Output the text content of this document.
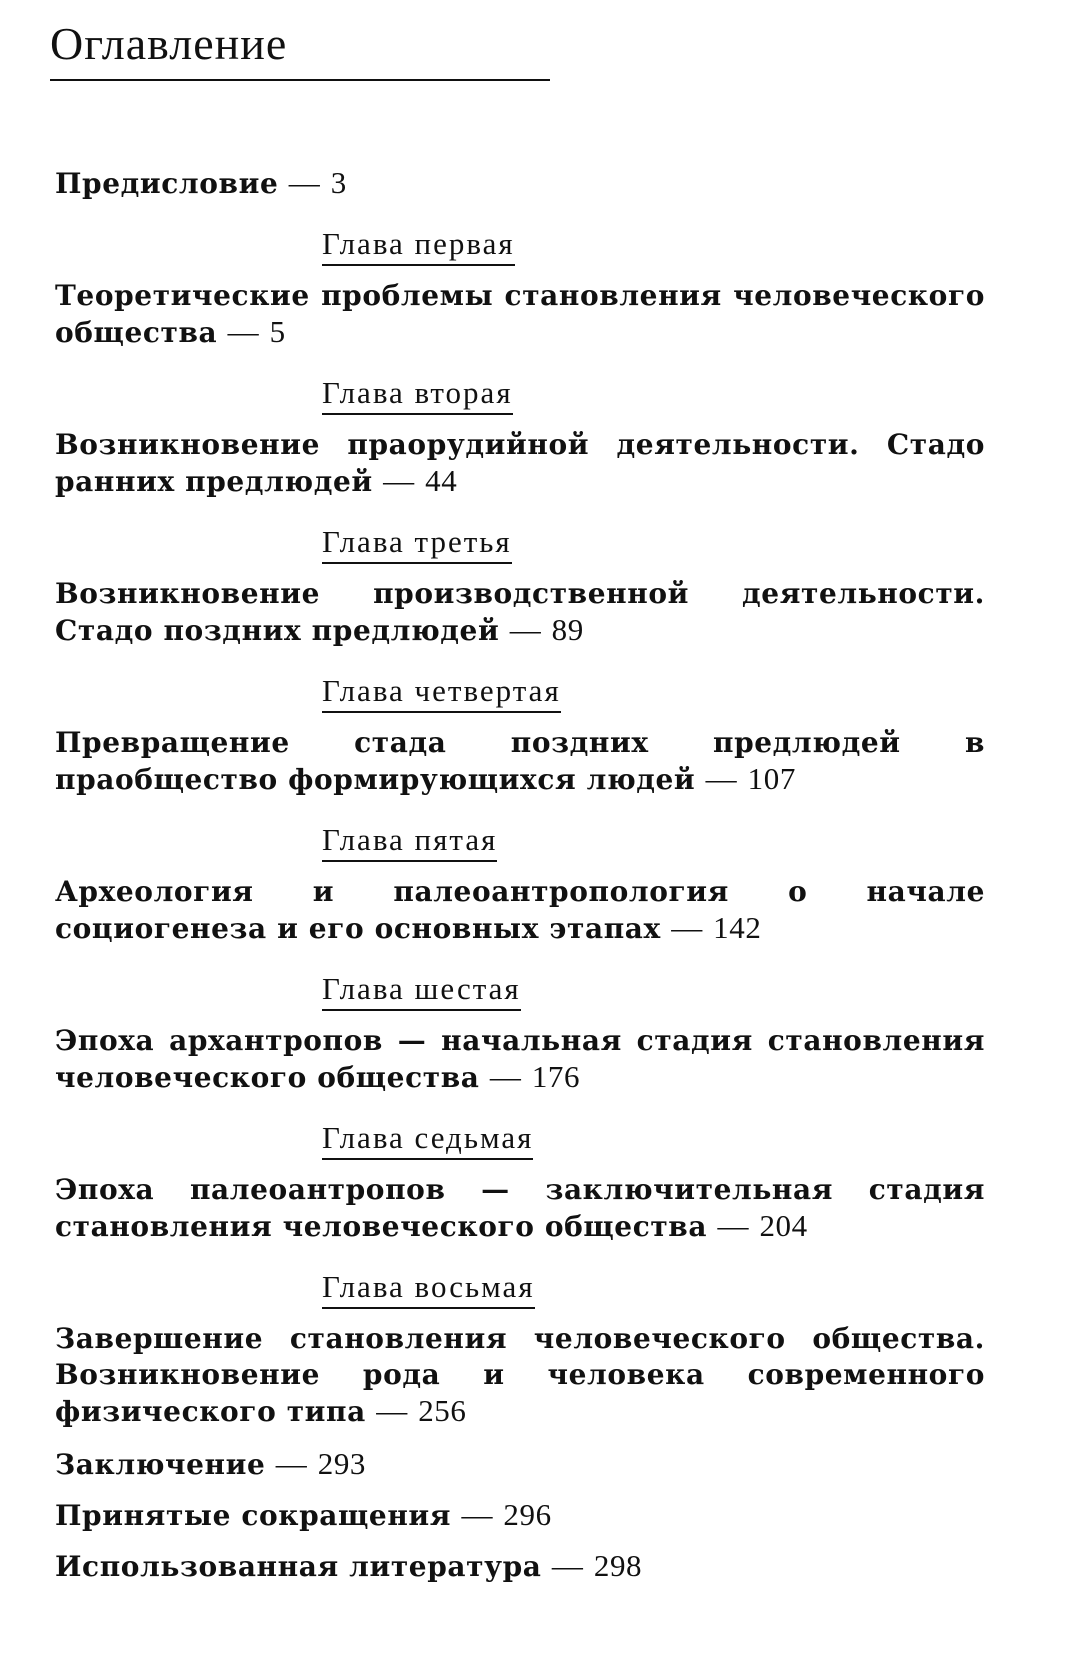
Оглавление

Предисловие — 3

Глава первая

Теоретические проблемы становления человеческого общества — 5

Глава вторая

Возникновение праорудийной деятельности. Стадо ранних предлюдей — 44

Глава третья

Возникновение производственной деятельности. Стадо поздних предлюдей — 89

Глава четвертая

Превращение стада поздних предлюдей в праобщество формирующихся людей — 107

Глава пятая

Археология и палеоантропология о начале социогенеза и его основных этапах — 142

Глава шестая

Эпоха архантропов — начальная стадия становления человеческого общества — 176

Глава седьмая

Эпоха палеоантропов — заключительная стадия становления человеческого общества — 204

Глава восьмая

Завершение становления человеческого общества. Возникновение рода и человека современного физического типа — 256

Заключение — 293

Принятые сокращения — 296

Использованная литература — 298
